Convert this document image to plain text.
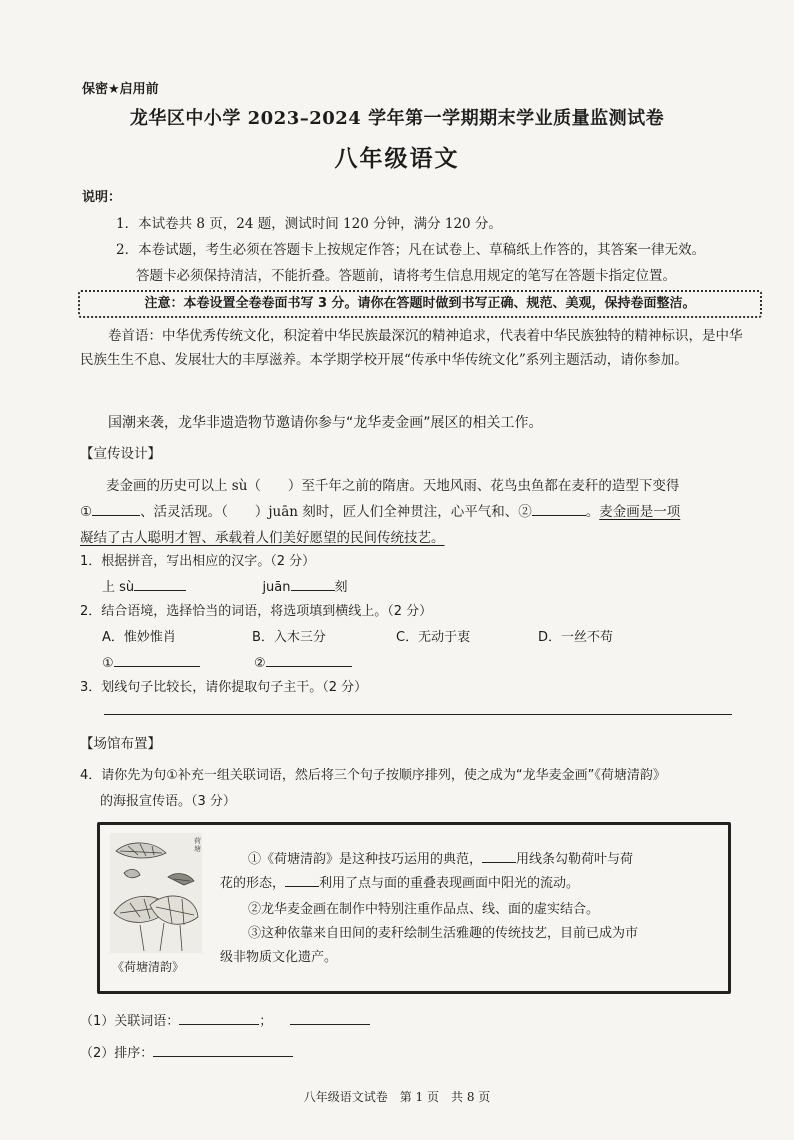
保密★启用前
龙华区中小学 2023–2024 学年第一学期期末学业质量监测试卷
八年级语文
说明：
1．本试卷共 8 页，24 题，测试时间 120 分钟，满分 120 分。
2．本卷试题，考生必须在答题卡上按规定作答；凡在试卷上、草稿纸上作答的，其答案一律无效。
答题卡必须保持清洁，不能折叠。答题前，请将考生信息用规定的笔写在答题卡指定位置。
注意：本卷设置全卷卷面书写 3 分。请你在答题时做到书写正确、规范、美观，保持卷面整洁。
卷首语：中华优秀传统文化，积淀着中华民族最深沉的精神追求，代表着中华民族独特的精神标识，是中华民族生生不息、发展壮大的丰厚滋养。本学期学校开展“传承中华传统文化”系列主题活动，请你参加。
国潮来袭，龙华非遗造物节邀请你参与“龙华麦金画”展区的相关工作。
【宣传设计】
麦金画的历史可以上 sù（　　）至千年之前的隋唐。天地风雨、花鸟虫鱼都在麦秆的造型下变得
①	、活灵活现。（　　）juān 刻时，匠人们全神贯注，心平气和、②	。麦金画是一项
凝结了古人聪明才智、承载着人们美好愿望的民间传统技艺。
1．根据拼音，写出相应的汉字。（2 分）
上 sù	juān	刻
2．结合语境，选择恰当的词语，将选项填到横线上。（2 分）
A．惟妙惟肖	B．入木三分	C．无动于衷	D．一丝不苟
①	②
3．划线句子比较长，请你提取句子主干。（2 分）
【场馆布置】
4．请你先为句①补充一组关联词语，然后将三个句子按顺序排列，使之成为“龙华麦金画”《荷塘清韵》
的海报宣传语。（3 分）
荷
塘
《荷塘清韵》
①《荷塘清韵》是这种技巧运用的典范，	用线条勾勒荷叶与荷
花的形态，	利用了点与面的重叠表现画面中阳光的流动。
②龙华麦金画在制作中特别注重作品点、线、面的虚实结合。
③这种依靠来自田间的麦秆绘制生活雅趣的传统技艺，目前已成为市
级非物质文化遗产。
（1）关联词语：	；
（2）排序：
八年级语文试卷　第 1 页　共 8 页
